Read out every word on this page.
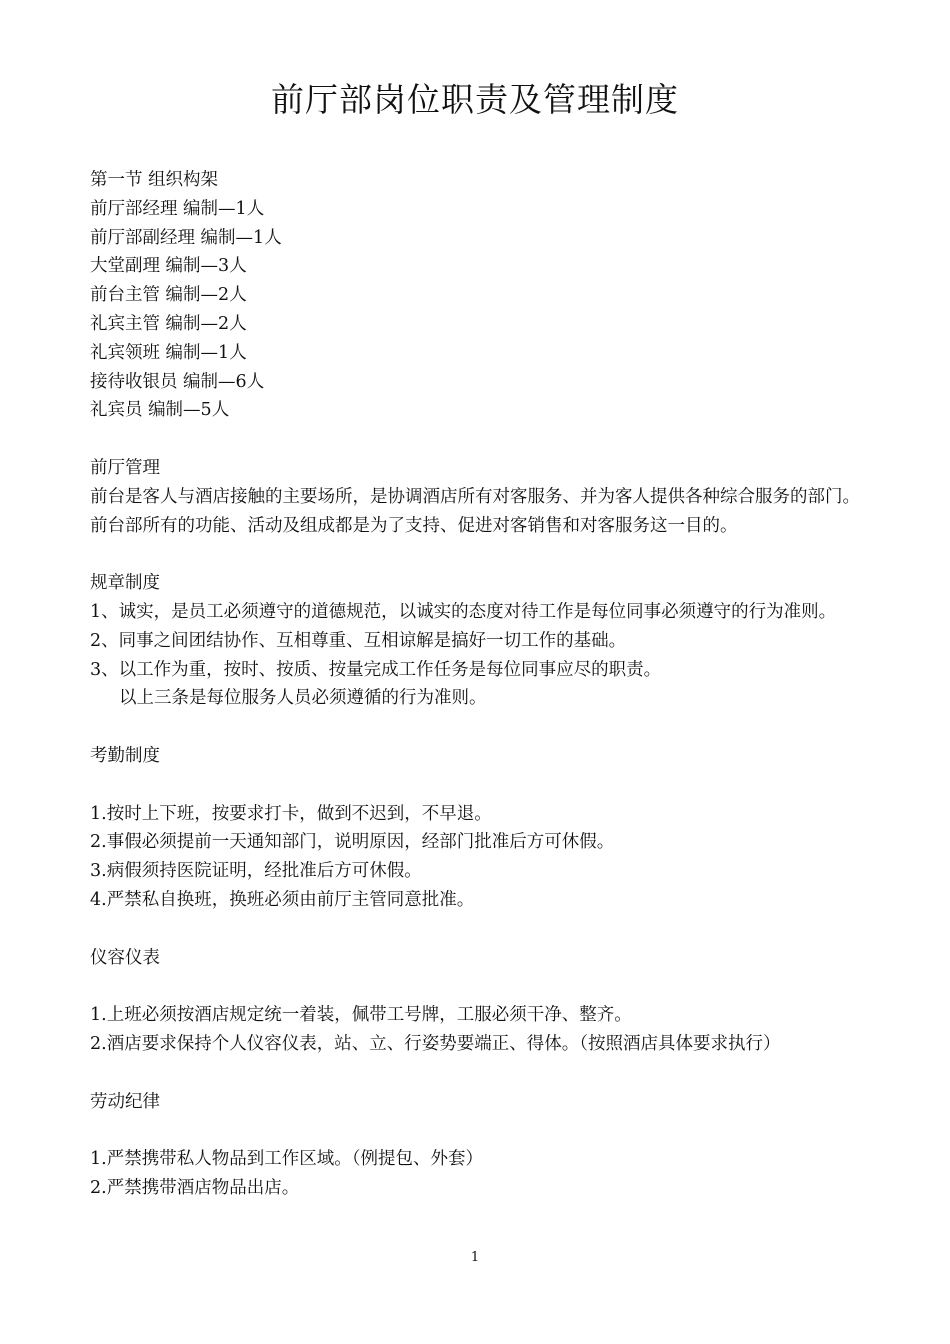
前厅部岗位职责及管理制度
第一节 组织构架
前厅部经理 编制—1人
前厅部副经理 编制—1人
大堂副理 编制—3人
前台主管 编制—2人
礼宾主管 编制—2人
礼宾领班 编制—1人
接待收银员 编制—6人
礼宾员 编制—5人
前厅管理
前台是客人与酒店接触的主要场所，是协调酒店所有对客服务、并为客人提供各种综合服务的部门。前台部所有的功能、活动及组成都是为了支持、促进对客销售和对客服务这一目的。
规章制度
1、诚实，是员工必须遵守的道德规范，以诚实的态度对待工作是每位同事必须遵守的行为准则。
2、同事之间团结协作、互相尊重、互相谅解是搞好一切工作的基础。
3、以工作为重，按时、按质、按量完成工作任务是每位同事应尽的职责。
以上三条是每位服务人员必须遵循的行为准则。
考勤制度
1.按时上下班，按要求打卡，做到不迟到，不早退。
2.事假必须提前一天通知部门，说明原因，经部门批准后方可休假。
3.病假须持医院证明，经批准后方可休假。
4.严禁私自换班，换班必须由前厅主管同意批准。
仪容仪表
1.上班必须按酒店规定统一着装，佩带工号牌，工服必须干净、整齐。
2.酒店要求保持个人仪容仪表，站、立、行姿势要端正、得体。（按照酒店具体要求执行）
劳动纪律
1.严禁携带私人物品到工作区域。（例提包、外套）
2.严禁携带酒店物品出店。
1
